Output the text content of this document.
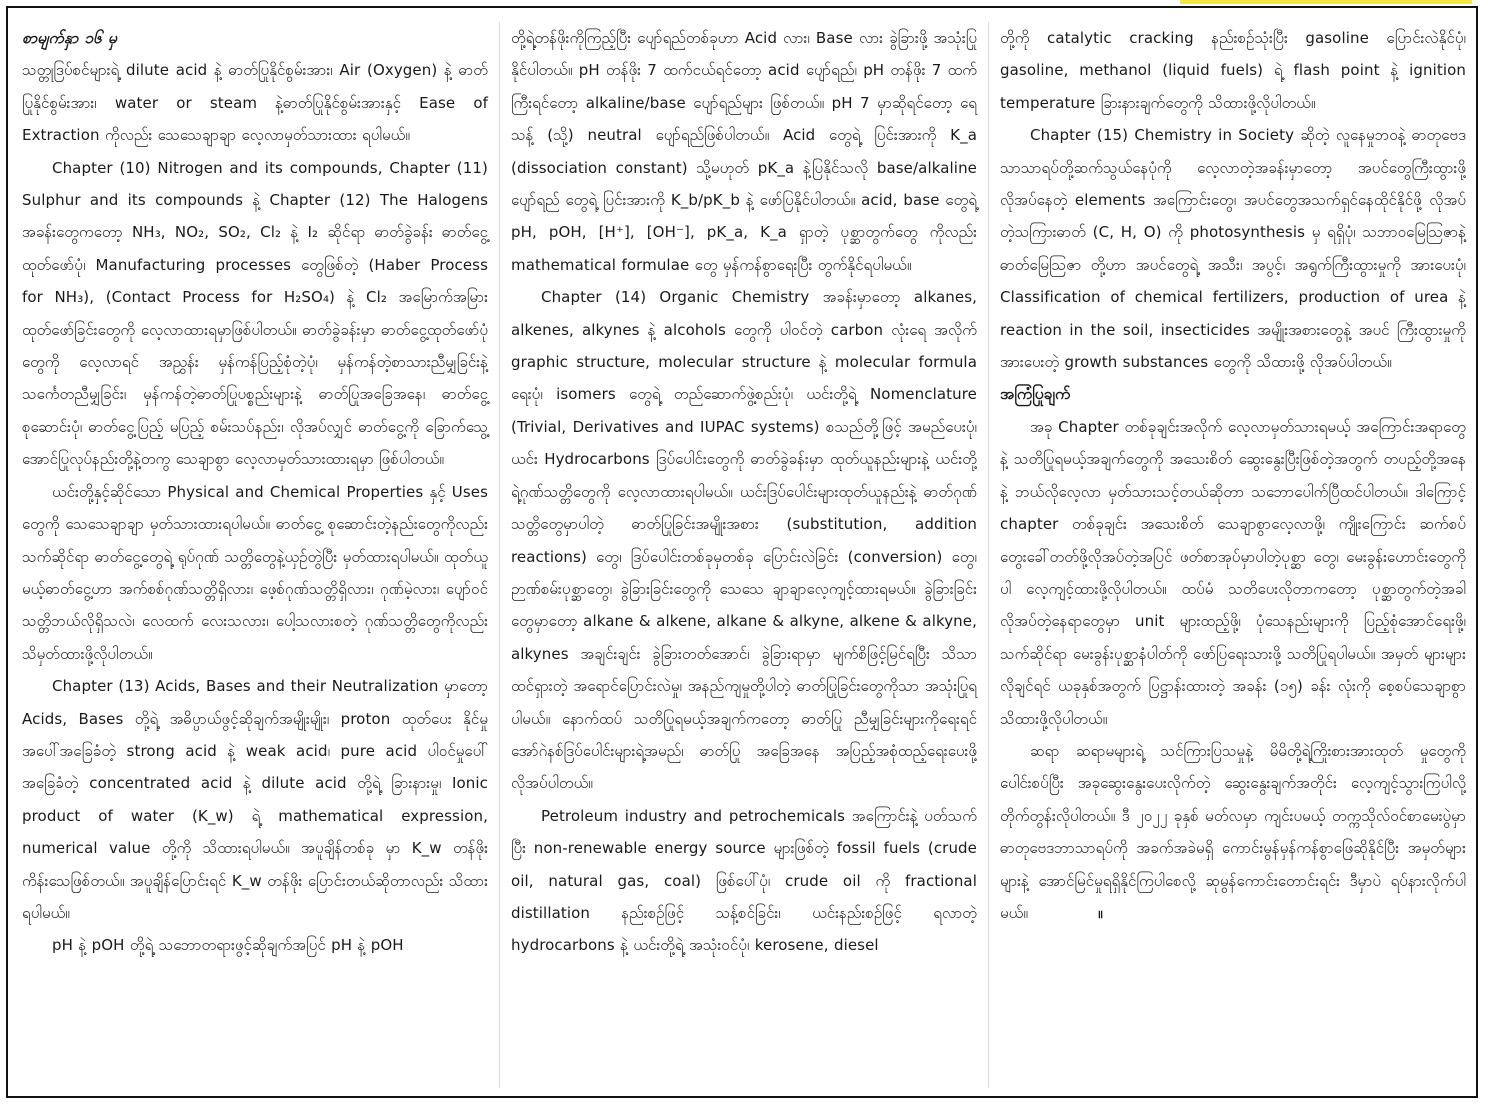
စာမျက်နှာ ၁၆ မှ

သတ္တုဒြပ်စင်များရဲ့ dilute acid နဲ့ ဓာတ်ပြုနိုင်စွမ်းအား၊ Air (Oxygen) နဲ့ ဓာတ်ပြုနိုင်စွမ်းအား၊ water or steam နဲ့ဓာတ်ပြုနိုင်စွမ်းအားနှင့် Ease of Extraction ကိုလည်း သေသေချာချာ လေ့လာမှတ်သားထား ရပါမယ်။

Chapter (10) Nitrogen and its compounds, Chapter (11) Sulphur and its compounds နဲ့ Chapter (12) The Halogens အခန်းတွေကတော့ NH₃, NO₂, SO₂, Cl₂ နဲ့ I₂ ဆိုင်ရာ ဓာတ်ခွဲခန်း ဓာတ်ငွေ့ထုတ်ဖော်ပုံ၊ Manufacturing processes တွေဖြစ်တဲ့ (Haber Process for NH₃), (Contact Process for H₂SO₄) နဲ့ Cl₂ အမြောက်အမြား ထုတ်ဖော်ခြင်းတွေကို လေ့လာထားရမှာဖြစ်ပါတယ်။ ဓာတ်ခွဲခန်းမှာ ဓာတ်ငွေ့ထုတ်ဖော်ပုံတွေကို လေ့လာရင် အညွှန်း မှန်ကန်ပြည့်စုံတဲ့ပုံ၊ မှန်ကန်တဲ့စာသားညီမျှခြင်းနဲ့ သင်္ကေတညီမျှခြင်း၊ မှန်ကန်တဲ့ဓာတ်ပြုပစ္စည်းများနဲ့ ဓာတ်ပြုအခြေအနေ၊ ဓာတ်ငွေ့ စုဆောင်းပုံ၊ ဓာတ်ငွေ့ပြည့် မပြည့် စမ်းသပ်နည်း၊ လိုအပ်လျှင် ဓာတ်ငွေ့ကို ခြောက်သွေ့အောင်ပြုလုပ်နည်းတို့နဲ့တကွ သေချာစွာ လေ့လာမှတ်သားထားရမှာ ဖြစ်ပါတယ်။

ယင်းတို့နှင့်ဆိုင်သော Physical and Chemical Properties နှင့် Uses တွေကို သေသေချာချာ မှတ်သားထားရပါမယ်။ ဓာတ်ငွေ့ စုဆောင်းတဲ့နည်းတွေကိုလည်း သက်ဆိုင်ရာ ဓာတ်ငွေ့တွေရဲ့ ရုပ်ဂုဏ် သတ္တိတွေနဲ့ယှဉ်တွဲပြီး မှတ်ထားရပါမယ်။ ထုတ်ယူမယ့်ဓာတ်ငွေ့ဟာ အက်စစ်ဂုဏ်သတ္တိရှိလား၊ ဖေ့စ်ဂုဏ်သတ္တိရှိလား၊ ဂုဏ်မဲ့လား၊ ပျော်ဝင် သတ္တိဘယ်လိုရှိသလဲ၊ လေထက် လေးသလား၊ ပေါ့သလားစတဲ့ ဂုဏ်သတ္တိတွေကိုလည်း သိမှတ်ထားဖို့လိုပါတယ်။

Chapter (13) Acids, Bases and their Neutralization မှာတော့ Acids, Bases တို့ရဲ့ အဓိပ္ပာယ်ဖွင့်ဆိုချက်အမျိုးမျိုး၊ proton ထုတ်ပေး နိုင်မှုအပေါ်အခြေခံတဲ့ strong acid နဲ့ weak acid၊ pure acid ပါဝင်မှုပေါ်အခြေခံတဲ့ concentrated acid နဲ့ dilute acid တို့ရဲ့ ခြားနားမှု၊ Ionic product of water (K_w) ရဲ့ mathematical expression, numerical value တို့ကို သိထားရပါမယ်။ အပူချိန်တစ်ခု မှာ K_w တန်ဖိုး ကိန်းသေဖြစ်တယ်။ အပူချိန်ပြောင်းရင် K_w တန်ဖိုး ပြောင်းတယ်ဆိုတာလည်း သိထားရပါမယ်။

pH နဲ့ pOH တို့ရဲ့ သဘောတရားဖွင့်ဆိုချက်အပြင် pH နဲ့ pOH

တို့ရဲ့တန်ဖိုးကိုကြည့်ပြီး ပျော်ရည်တစ်ခုဟာ Acid လား၊ Base လား ခွဲခြားဖို့ အသုံးပြုနိုင်ပါတယ်။ pH တန်ဖိုး 7 ထက်ငယ်ရင်တော့ acid ပျော်ရည်၊ pH တန်ဖိုး 7 ထက် ကြီးရင်တော့ alkaline/base ပျော်ရည်များ ဖြစ်တယ်။ pH 7 မှာဆိုရင်တော့ ရေသန့် (သို့) neutral ပျော်ရည်ဖြစ်ပါတယ်။ Acid တွေရဲ့ ပြင်းအားကို K_a (dissociation constant) သို့မဟုတ် pK_a နဲ့ပြနိုင်သလို base/alkaline ပျော်ရည် တွေရဲ့ ပြင်းအားကို K_b/pK_b နဲ့ ဖော်ပြနိုင်ပါတယ်။ acid, base တွေရဲ့ pH, pOH, [H⁺], [OH⁻], pK_a, K_a ရှာတဲ့ ပုစ္ဆာတွက်တွေ ကိုလည်း mathematical formulae တွေ မှန်ကန်စွာရေးပြီး တွက်နိုင်ရပါမယ်။

Chapter (14) Organic Chemistry အခန်းမှာတော့ alkanes, alkenes, alkynes နဲ့ alcohols တွေကို ပါဝင်တဲ့ carbon လုံးရေ အလိုက် graphic structure, molecular structure နဲ့ molecular formula ရေးပုံ၊ isomers တွေရဲ့ တည်ဆောက်ဖွဲ့စည်းပုံ၊ ယင်းတို့ရဲ့ Nomenclature (Trivial, Derivatives and IUPAC systems) စသည်တို့ဖြင့် အမည်ပေးပုံ၊ ယင်း Hydrocarbons ဒြပ်ပေါင်းတွေကို ဓာတ်ခွဲခန်းမှာ ထုတ်ယူနည်းများနဲ့ ယင်းတို့ရဲ့ဂုဏ်သတ္တိတွေကို လေ့လာထားရပါမယ်။ ယင်းဒြပ်ပေါင်းများထုတ်ယူနည်းနဲ့ ဓာတ်ဂုဏ် သတ္တိတွေမှာပါတဲ့ ဓာတ်ပြုခြင်းအမျိုးအစား (substitution, addition reactions) တွေ၊ ဒြပ်ပေါင်းတစ်ခုမှတစ်ခု ပြောင်းလဲခြင်း (conversion) တွေ၊ ဉာဏ်စမ်းပုစ္ဆာတွေ၊ ခွဲခြားခြင်းတွေကို သေသေ ချာချာလေ့ကျင့်ထားရမယ်။ ခွဲခြားခြင်းတွေမှာတော့ alkane & alkene, alkane & alkyne, alkene & alkyne, alkynes အချင်းချင်း ခွဲခြားတတ်အောင်၊ ခွဲခြားရာမှာ မျက်စိဖြင့်မြင်ရပြီး သိသာထင်ရှားတဲ့ အရောင်ပြောင်းလဲမှု၊ အနည်ကျမှုတို့ပါတဲ့ ဓာတ်ပြုခြင်းတွေကိုသာ အသုံးပြုရပါမယ်။ နောက်ထပ် သတိပြုရမယ့်အချက်ကတော့ ဓာတ်ပြု ညီမျှခြင်းများကိုရေးရင် အော်ဂဲနစ်ဒြပ်ပေါင်းများရဲ့အမည်၊ ဓာတ်ပြု အခြေအနေ အပြည့်အစုံထည့်ရေးပေးဖို့ လိုအပ်ပါတယ်။

Petroleum industry and petrochemicals အကြောင်းနဲ့ ပတ်သက်ပြီး non-renewable energy source များဖြစ်တဲ့ fossil fuels (crude oil, natural gas, coal) ဖြစ်ပေါ်ပုံ၊ crude oil ကို fractional distillation နည်းစဉ်ဖြင့် သန့်စင်ခြင်း၊ ယင်းနည်းစဉ်ဖြင့် ရလာတဲ့ hydrocarbons နဲ့ ယင်းတို့ရဲ့ အသုံးဝင်ပုံ၊ kerosene, diesel

တို့ကို catalytic cracking နည်းစဉ်သုံးပြီး gasoline ပြောင်းလဲနိုင်ပုံ၊ gasoline, methanol (liquid fuels) ရဲ့ flash point နဲ့ ignition temperature ခြားနားချက်တွေကို သိထားဖို့လိုပါတယ်။

Chapter (15) Chemistry in Society ဆိုတဲ့ လူနေမှုဘဝနဲ့ ဓာတုဗေဒသာသာရပ်တို့ဆက်သွယ်နေပုံကို လေ့လာတဲ့အခန်းမှာတော့ အပင်တွေကြီးထွားဖို့ လိုအပ်နေတဲ့ elements အကြောင်းတွေ၊ အပင်တွေအသက်ရှင်နေထိုင်နိုင်ဖို့ လိုအပ်တဲ့သကြားဓာတ် (C, H, O) ကို photosynthesis မှ ရရှိပုံ၊ သဘာဝမြေဩဇာနဲ့ ဓာတ်မြေဩဇာ တို့ဟာ အပင်တွေရဲ့ အသီး၊ အပွင့်၊ အရွက်ကြီးထွားမှုကို အားပေးပုံ၊ Classification of chemical fertilizers, production of urea နဲ့ reaction in the soil, insecticides အမျိုးအစားတွေနဲ့ အပင် ကြီးထွားမှုကို အားပေးတဲ့ growth substances တွေကို သိထားဖို့ လိုအပ်ပါတယ်။

အကြံပြုချက်

အခု Chapter တစ်ခုချင်းအလိုက် လေ့လာမှတ်သားရမယ့် အကြောင်းအရာတွေနဲ့ သတိပြုရမယ့်အချက်တွေကို အသေးစိတ် ဆွေးနွေးပြီးဖြစ်တဲ့အတွက် တပည့်တို့အနေနဲ့ ဘယ်လိုလေ့လာ မှတ်သားသင့်တယ်ဆိုတာ သဘောပေါက်ပြီထင်ပါတယ်။ ဒါကြောင့် chapter တစ်ခုချင်း အသေးစိတ် သေချာစွာလေ့လာဖို့၊ ကျိုးကြောင်း ဆက်စပ်တွေးခေါ်တတ်ဖို့လိုအပ်တဲ့အပြင် ဖတ်စာအုပ်မှာပါတဲ့ပုစ္ဆာ တွေ၊ မေးခွန်းဟောင်းတွေကိုပါ လေ့ကျင့်ထားဖို့လိုပါတယ်။ ထပ်မံ သတိပေးလိုတာကတော့ ပုစ္ဆာတွက်တဲ့အခါ လိုအပ်တဲ့နေရာတွေမှာ unit များထည့်ဖို့၊ ပုံသေနည်းများကို ပြည့်စုံအောင်ရေးဖို့၊ သက်ဆိုင်ရာ မေးခွန်းပုစ္ဆာနံပါတ်ကို ဖော်ပြရေးသားဖို့ သတိပြုရပါမယ်။ အမှတ် များများလိုချင်ရင် ယခုနှစ်အတွက် ပြဋ္ဌာန်းထားတဲ့ အခန်း (၁၅) ခန်း လုံးကို စေ့စပ်သေချာစွာ သိထားဖို့လိုပါတယ်။

ဆရာ ဆရာမများရဲ့ သင်ကြားပြသမှုနဲ့ မိမိတို့ရဲ့ကြိုးစားအားထုတ် မှုတွေကို ပေါင်းစပ်ပြီး အခုဆွေးနွေးပေးလိုက်တဲ့ ဆွေးနွေးချက်အတိုင်း လေ့ကျင့်သွားကြပါလို့ တိုက်တွန်းလိုပါတယ်။ ဒီ ၂၀၂၂ ခုနှစ် မတ်လမှာ ကျင်းပမယ့် တက္ကသိုလ်ဝင်စာမေးပွဲမှာ ဓာတုဗေဒဘာသာရပ်ကို အခက်အခဲမရှိ ကောင်းမွန်မှန်ကန်စွာဖြေဆိုနိုင်ပြီး အမှတ်များများနဲ့ အောင်မြင်မှုရရှိနိုင်ကြပါစေလို့ ဆုမွန်ကောင်းတောင်းရင်း ဒီမှာပဲ ရပ်နားလိုက်ပါမယ်။	။
